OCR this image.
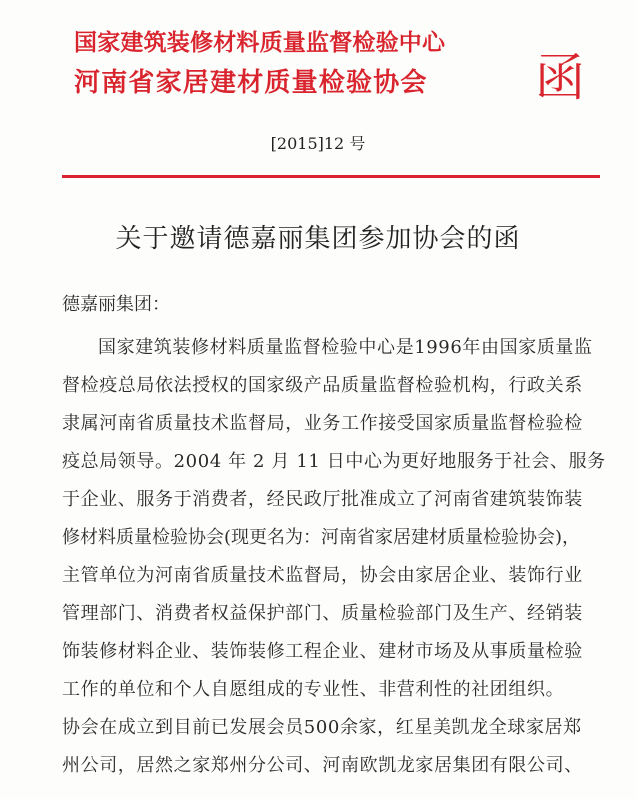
国家建筑装修材料质量监督检验中心
河南省家居建材质量检验协会 函
[2015]12 号
关于邀请德嘉丽集团参加协会的函
德嘉丽集团：
国家建筑装修材料质量监督检验中心是1996年由国家质量监
督检疫总局依法授权的国家级产品质量监督检验机构，行政关系
隶属河南省质量技术监督局，业务工作接受国家质量监督检验检
疫总局领导。2004 年 2 月 11 日中心为更好地服务于社会、服务
于企业、服务于消费者，经民政厅批准成立了河南省建筑装饰装
修材料质量检验协会(现更名为：河南省家居建材质量检验协会)，
主管单位为河南省质量技术监督局，协会由家居企业、装饰行业
管理部门、消费者权益保护部门、质量检验部门及生产、经销装
饰装修材料企业、装饰装修工程企业、建材市场及从事质量检验
工作的单位和个人自愿组成的专业性、非营利性的社团组织。
协会在成立到目前已发展会员500余家，红星美凯龙全球家居郑
州公司，居然之家郑州分公司、河南欧凯龙家居集团有限公司、
